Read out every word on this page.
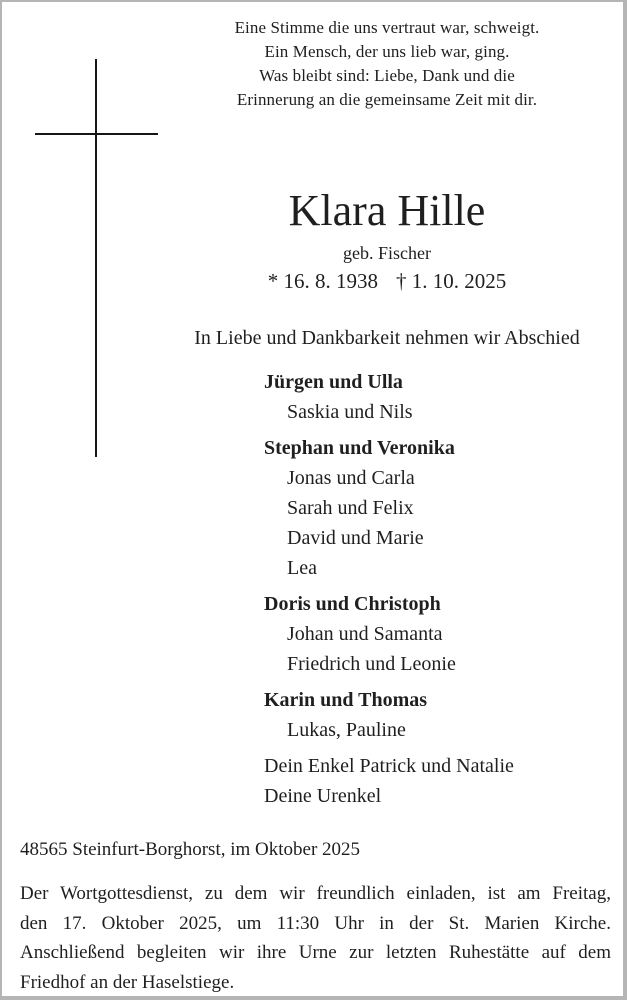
Eine Stimme die uns vertraut war, schweigt.
Ein Mensch, der uns lieb war, ging.
Was bleibt sind: Liebe, Dank und die
Erinnerung an die gemeinsame Zeit mit dir.
Klara Hille
geb. Fischer
* 16. 8. 1938 † 1. 10. 2025
In Liebe und Dankbarkeit nehmen wir Abschied
Jürgen und Ulla
Saskia und Nils
Stephan und Veronika
Jonas und Carla
Sarah und Felix
David und Marie
Lea
Doris und Christoph
Johan und Samanta
Friedrich und Leonie
Karin und Thomas
Lukas, Pauline
Dein Enkel Patrick und Natalie
Deine Urenkel
48565 Steinfurt-Borghorst, im Oktober 2025
Der Wortgottesdienst, zu dem wir freundlich einladen, ist am Freitag,
den 17. Oktober 2025, um 11:30 Uhr in der St. Marien Kirche.
Anschließend begleiten wir ihre Urne zur letzten Ruhestätte auf dem
Friedhof an der Haselstiege.
